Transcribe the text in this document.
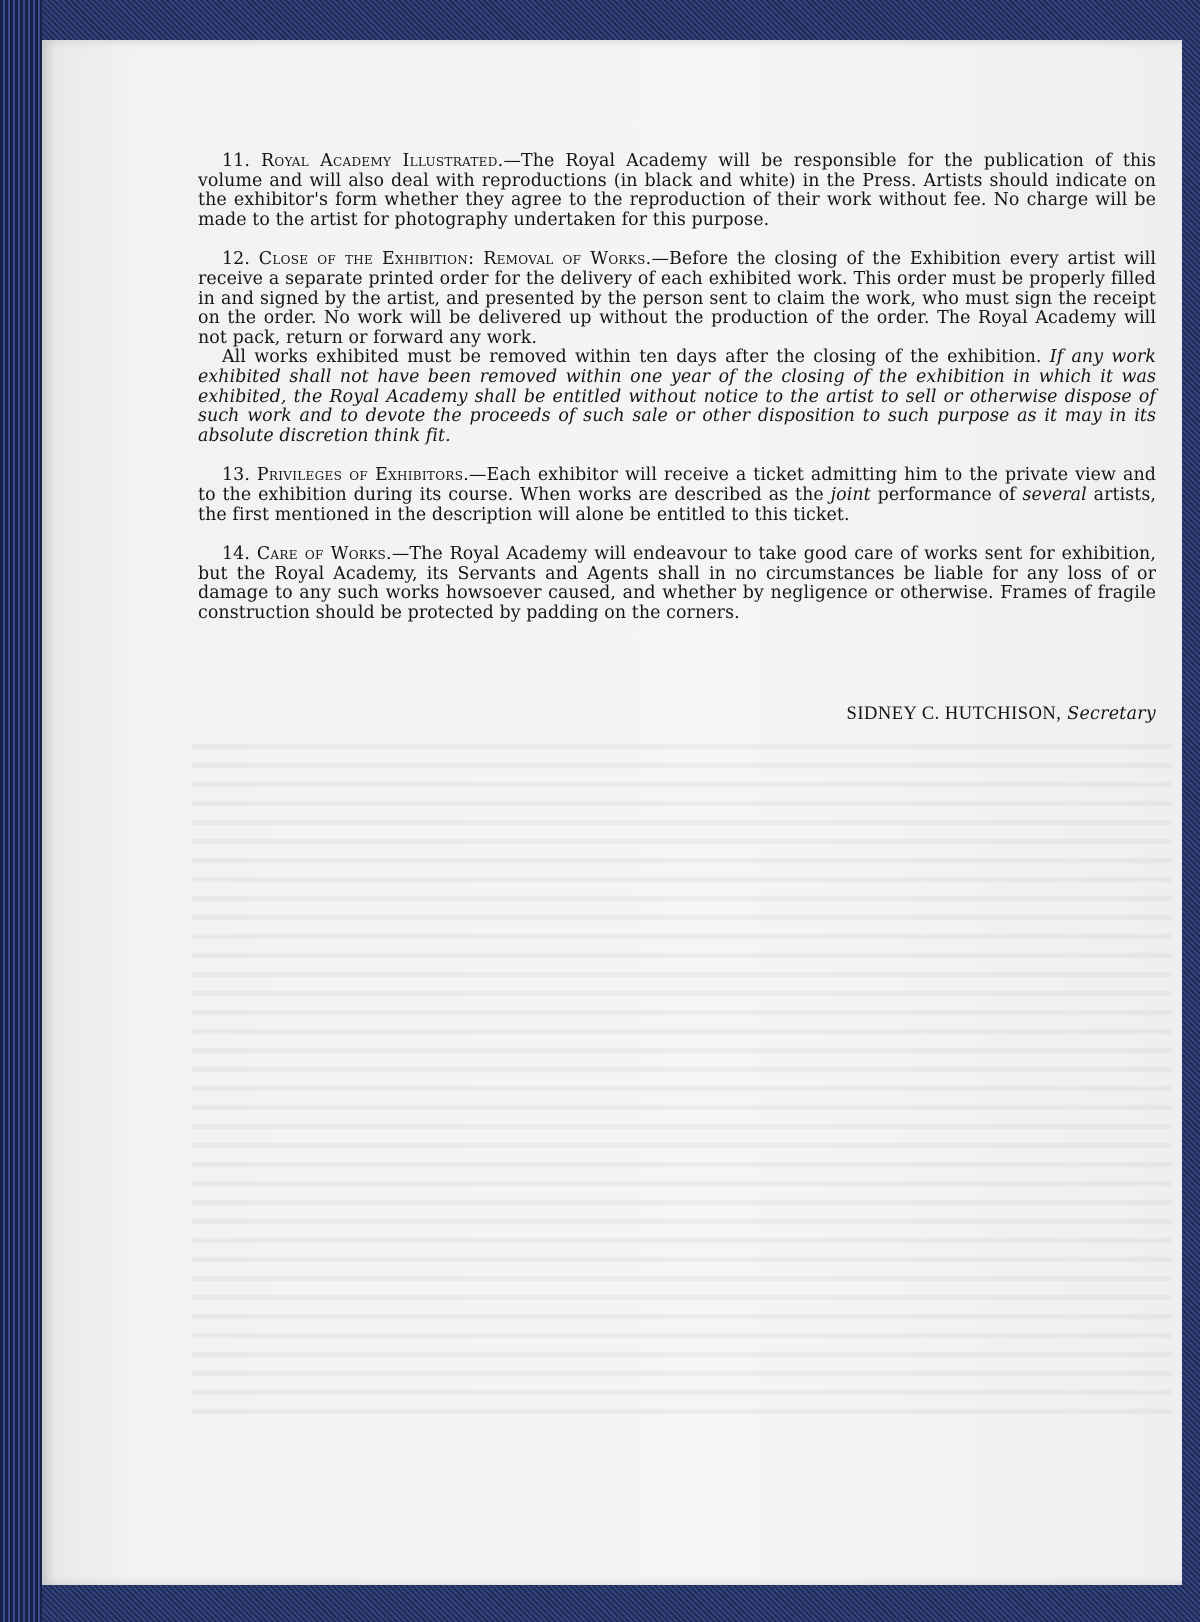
11. Royal Academy Illustrated.—The Royal Academy will be responsible for the publication of this volume and will also deal with reproductions (in black and white) in the Press. Artists should indicate on the exhibitor's form whether they agree to the reproduction of their work without fee. No charge will be made to the artist for photography undertaken for this purpose.

12. Close of the Exhibition: Removal of Works.—Before the closing of the Exhibition every artist will receive a separate printed order for the delivery of each exhibited work. This order must be properly filled in and signed by the artist, and presented by the person sent to claim the work, who must sign the receipt on the order. No work will be delivered up without the production of the order. The Royal Academy will not pack, return or forward any work.

All works exhibited must be removed within ten days after the closing of the exhibition. If any work exhibited shall not have been removed within one year of the closing of the exhibition in which it was exhibited, the Royal Academy shall be entitled without notice to the artist to sell or otherwise dispose of such work and to devote the proceeds of such sale or other disposition to such purpose as it may in its absolute discretion think fit.

13. Privileges of Exhibitors.—Each exhibitor will receive a ticket admitting him to the private view and to the exhibition during its course. When works are described as the joint performance of several artists, the first mentioned in the description will alone be entitled to this ticket.

14. Care of Works.—The Royal Academy will endeavour to take good care of works sent for exhibition, but the Royal Academy, its Servants and Agents shall in no circumstances be liable for any loss of or damage to any such works howsoever caused, and whether by negligence or otherwise. Frames of fragile construction should be protected by padding on the corners.

SIDNEY C. HUTCHISON, Secretary
